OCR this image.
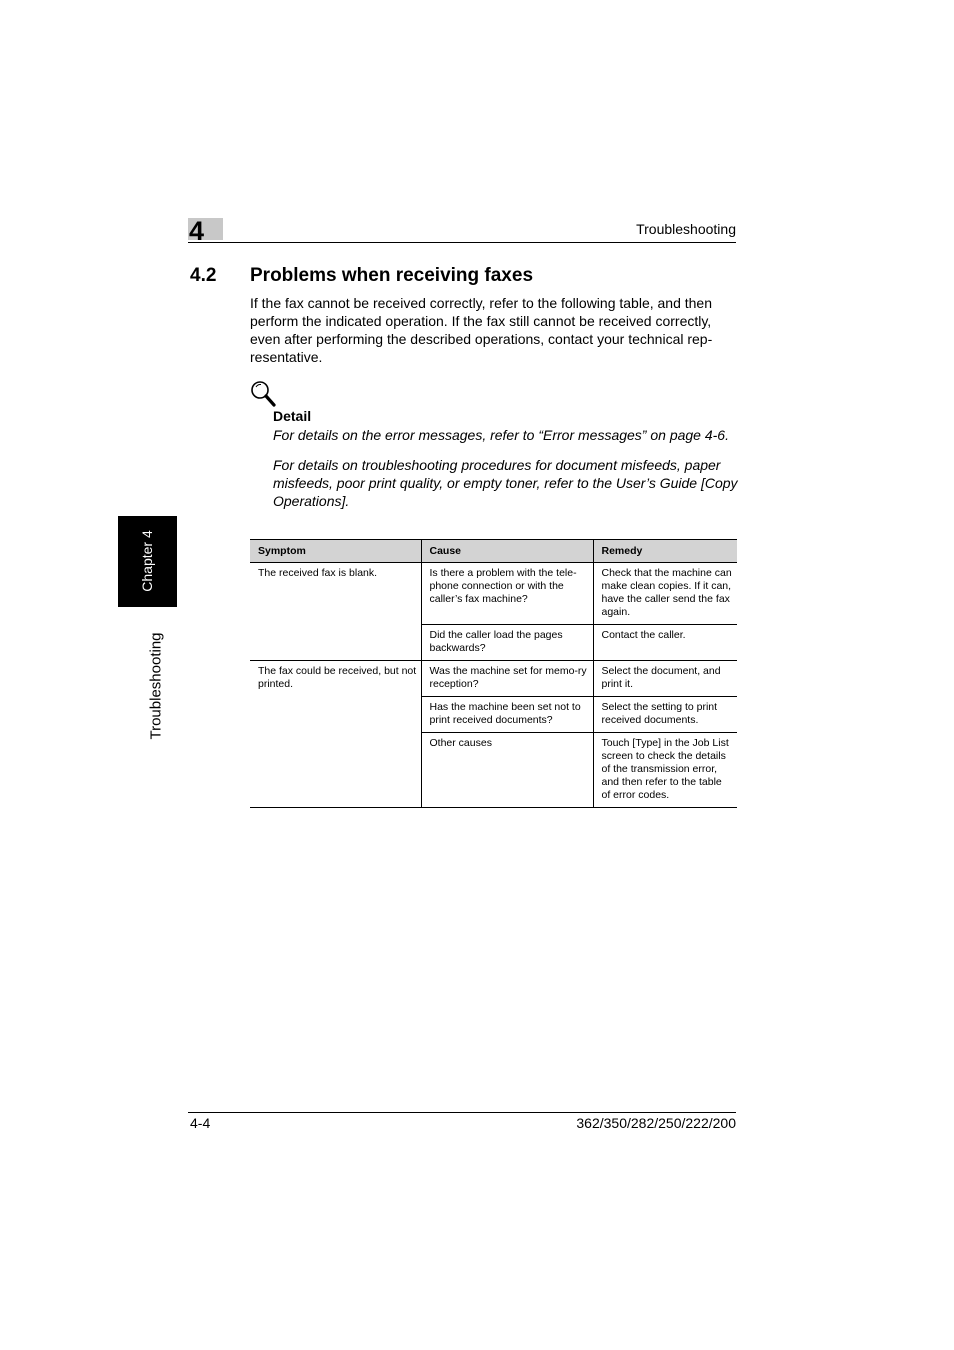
4	Troubleshooting
Chapter 4
Troubleshooting
4.2 Problems when receiving faxes
If the fax cannot be received correctly, refer to the following table, and then perform the indicated operation. If the fax still cannot be received correctly, even after performing the described operations, contact your technical rep-resentative.
Detail
For details on the error messages, refer to “Error messages” on page 4-6.
For details on troubleshooting procedures for document misfeeds, paper misfeeds, poor print quality, or empty toner, refer to the User’s Guide [Copy Operations].
Symptom	Cause	Remedy
The received fax is blank.	Is there a problem with the tele-phone connection or with the caller’s fax machine?	Check that the machine can make clean copies. If it can, have the caller send the fax again.
	Did the caller load the pages backwards?	Contact the caller.
The fax could be received, but not printed.	Was the machine set for memo-ry reception?	Select the document, and print it.
	Has the machine been set not to print received documents?	Select the setting to print received documents.
	Other causes	Touch [Type] in the Job List screen to check the details of the transmission error, and then refer to the table of error codes.
4-4	362/350/282/250/222/200
